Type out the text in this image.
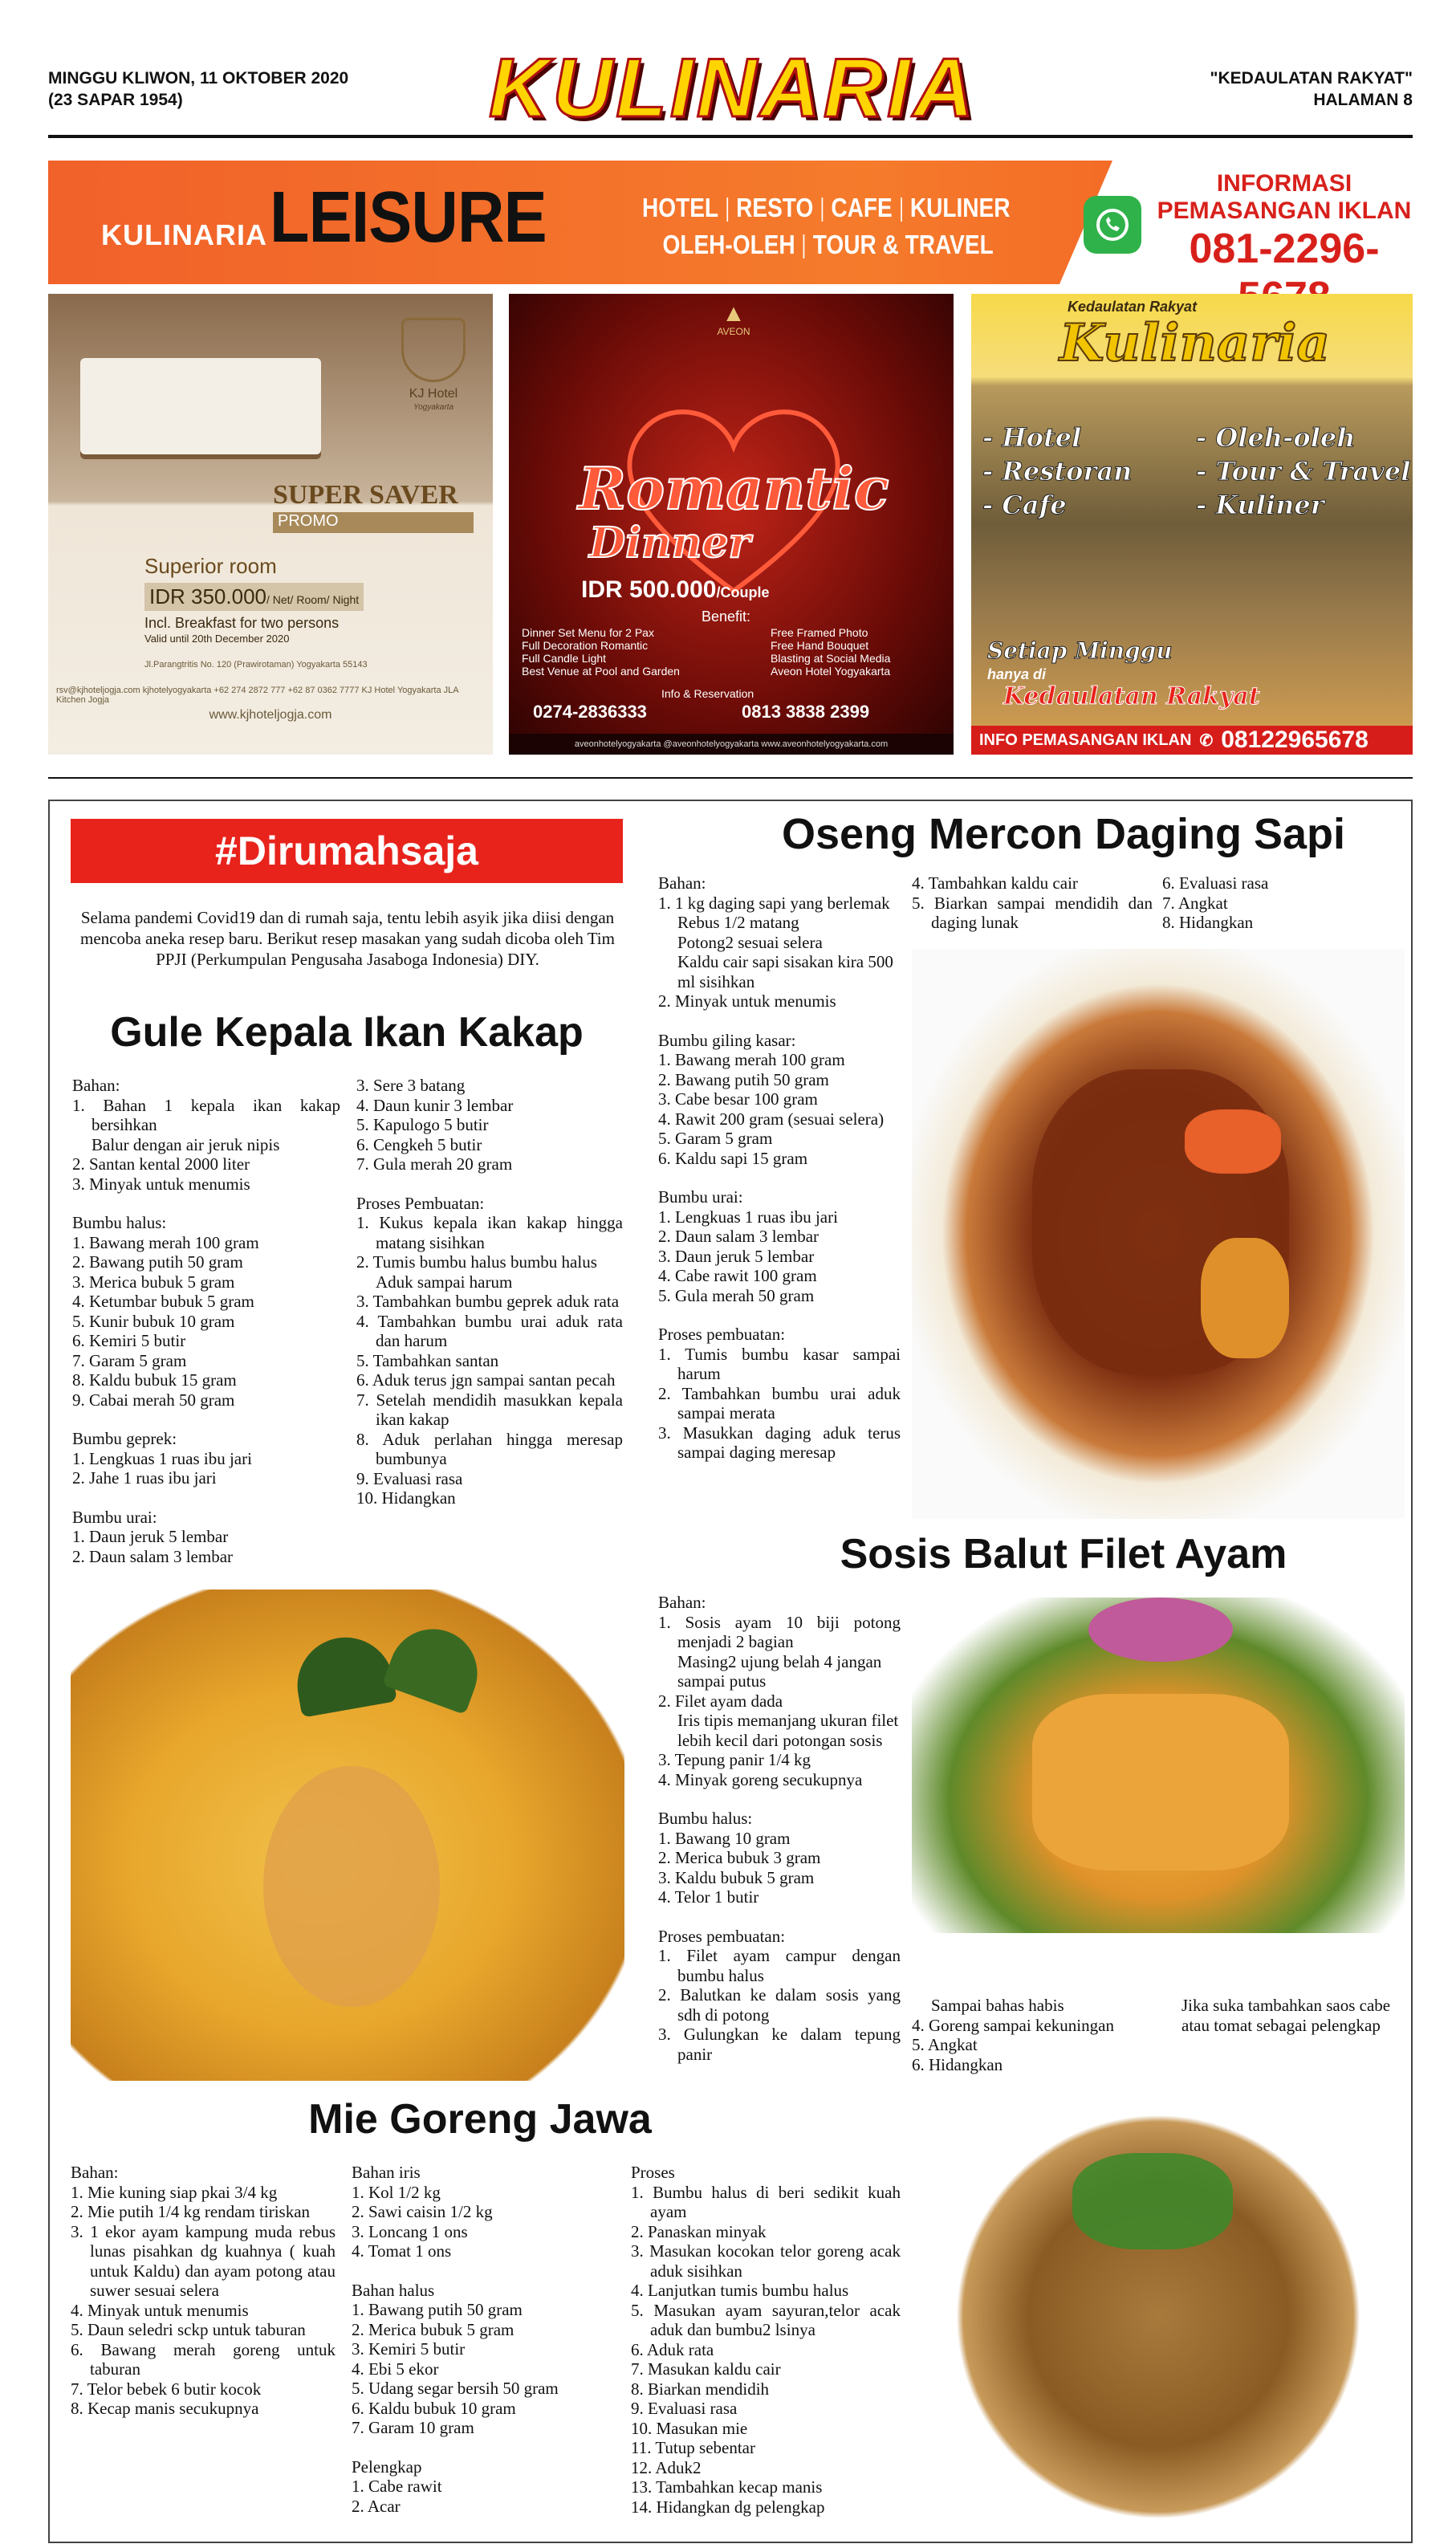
MINGGU KLIWON, 11 OKTOBER 2020
(23 SAPAR 1954)	KULINARIA	"KEDAULATAN RAKYAT"
HALAMAN 8
KULINARIA LEISURE	HOTEL RESTO CAFE KULINER
OLEH-OLEH TOUR & TRAVEL
INFORMASI
PEMASANGAN IKLAN
081-2296-
KJ Hotel
Yogyakarta
SUPER SAVER
PROMO
Superior room
IDR 350.000/ Net/ Room/ Night
Incl. Breakfast for two persons
Valid until 20th December 2020
Jl.Parangtritis No. 120 (Prawirotaman) Yogyakarta 55143
rsv@kjhoteljogja.com kjhotelyogyakarta +62 274 2872 777 +62 87 0362 7777 KJ Hotel Yogyakarta JLA Kitchen Jogja
www.kjhoteljogja.com
▲
AVEON
Romantic
Dinner
IDR 500.000/Couple
Benefit:
Dinner Set Menu for 2 Pax
Full Decoration Romantic
Full Candle Light
Best Venue at Pool and Garden
Free Framed Photo
Free Hand Bouquet
Blasting at Social Media
Aveon Hotel Yogyakarta
Info & Reservation
0274-2836333	0813 3838 2399
aveonhotelyogyakarta @aveonhotelyogyakarta www.aveonhotelyogyakarta.com
Kedaulatan Rakyat
Kulinaria
- Hotel
- Restoran
- Cafe
- Oleh-oleh
- Tour & Travel
- Kuliner
Setiap Minggu
hanya di
Kedaulatan Rakyat
INFO PEMASANGAN IKLAN ✆ 08122965678
#Dirumahsaja
Selama pandemi Covid19 dan di rumah saja, tentu lebih asyik jika diisi dengan mencoba aneka resep baru. Berikut resep masakan yang sudah dicoba oleh Tim PPJI (Perkumpulan Pengusaha Jasaboga Indonesia) DIY.
Gule Kepala Ikan Kakap

Bahan:

1. Bahan 1 kepala ikan kakap bersihkan

Balur dengan air jeruk nipis

2. Santan kental 2000 liter

3. Minyak untuk menumis

Bumbu halus:

1. Bawang merah 100 gram

2. Bawang putih 50 gram

3. Merica bubuk 5 gram

4. Ketumbar bubuk 5 gram

5. Kunir bubuk 10 gram

6. Kemiri 5 butir

7. Garam 5 gram

8. Kaldu bubuk 15 gram

9. Cabai merah 50 gram

Bumbu geprek:

1. Lengkuas 1 ruas ibu jari

2. Jahe 1 ruas ibu jari

Bumbu urai:

1. Daun jeruk 5 lembar

2. Daun salam 3 lembar

3. Sere 3 batang

4. Daun kunir 3 lembar

5. Kapulogo 5 butir

6. Cengkeh 5 butir

7. Gula merah 20 gram

Proses Pembuatan:

1. Kukus kepala ikan kakap hingga matang sisihkan

2. Tumis bumbu halus bumbu halus

Aduk sampai harum

3. Tambahkan bumbu geprek aduk rata

4. Tambahkan bumbu urai aduk rata dan harum

5. Tambahkan santan

6. Aduk terus jgn sampai santan pecah

7. Setelah mendidih masukkan kepala ikan kakap

8. Aduk perlahan hingga meresap bumbunya

9. Evaluasi rasa

10. Hidangkan

Oseng Mercon Daging Sapi

Bahan:

1. 1 kg daging sapi yang berlemak

Rebus 1/2 matang

Potong2 sesuai selera

Kaldu cair sapi sisakan kira 500 ml sisihkan

2. Minyak untuk menumis

Bumbu giling kasar:

1. Bawang merah 100 gram

2. Bawang putih 50 gram

3. Cabe besar 100 gram

4. Rawit 200 gram (sesuai selera)

5. Garam 5 gram

6. Kaldu sapi 15 gram

Bumbu urai:

1. Lengkuas 1 ruas ibu jari

2. Daun salam 3 lembar

3. Daun jeruk 5 lembar

4. Cabe rawit 100 gram

5. Gula merah 50 gram

Proses pembuatan:

1. Tumis bumbu kasar sampai harum

2. Tambahkan bumbu urai aduk sampai merata

3. Masukkan daging aduk terus sampai daging meresap

4. Tambahkan kaldu cair

5. Biarkan sampai mendidih dan daging lunak

6. Evaluasi rasa

7. Angkat

8. Hidangkan

Sosis Balut Filet Ayam

Bahan:

1. Sosis ayam 10 biji potong menjadi 2 bagian

Masing2 ujung belah 4 jangan sampai putus

2. Filet ayam dada

Iris tipis memanjang ukuran filet lebih kecil dari potongan sosis

3. Tepung panir 1/4 kg

4. Minyak goreng secukupnya

Bumbu halus:

1. Bawang 10 gram

2. Merica bubuk 3 gram

3. Kaldu bubuk 5 gram

4. Telor 1 butir

Proses pembuatan:

1. Filet ayam campur dengan bumbu halus

2. Balutkan ke dalam sosis yang sdh di potong

3. Gulungkan ke dalam tepung panir

Sampai bahas habis

4. Goreng sampai kekuningan

5. Angkat

6. Hidangkan

Jika suka tambahkan saos cabe atau tomat sebagai pelengkap

Mie Goreng Jawa

Bahan:

1. Mie kuning siap pkai 3/4 kg

2. Mie putih 1/4 kg rendam tiriskan

3. 1 ekor ayam kampung muda rebus lunas pisahkan dg kuahnya ( kuah untuk Kaldu) dan ayam potong atau suwer sesuai selera

4. Minyak untuk menumis

5. Daun seledri sckp untuk taburan

6. Bawang merah goreng untuk taburan

7. Telor bebek 6 butir kocok

8. Kecap manis secukupnya

Bahan iris

1. Kol 1/2 kg

2. Sawi caisin 1/2 kg

3. Loncang 1 ons

4. Tomat 1 ons

Bahan halus

1. Bawang putih 50 gram

2. Merica bubuk 5 gram

3. Kemiri 5 butir

4. Ebi 5 ekor

5. Udang segar bersih 50 gram

6. Kaldu bubuk 10 gram

7. Garam 10 gram

Pelengkap

1. Cabe rawit

2. Acar

Proses

1. Bumbu halus di beri sedikit kuah ayam

2. Panaskan minyak

3. Masukan kocokan telor goreng acak aduk sisihkan

4. Lanjutkan tumis bumbu halus

5. Masukan ayam sayuran,telor acak aduk dan bumbu2 lsinya

6. Aduk rata

7. Masukan kaldu cair

8. Biarkan mendidih

9. Evaluasi rasa

10. Masukan mie

11. Tutup sebentar

12. Aduk2

13. Tambahkan kecap manis

14. Hidangkan dg pelengkap
